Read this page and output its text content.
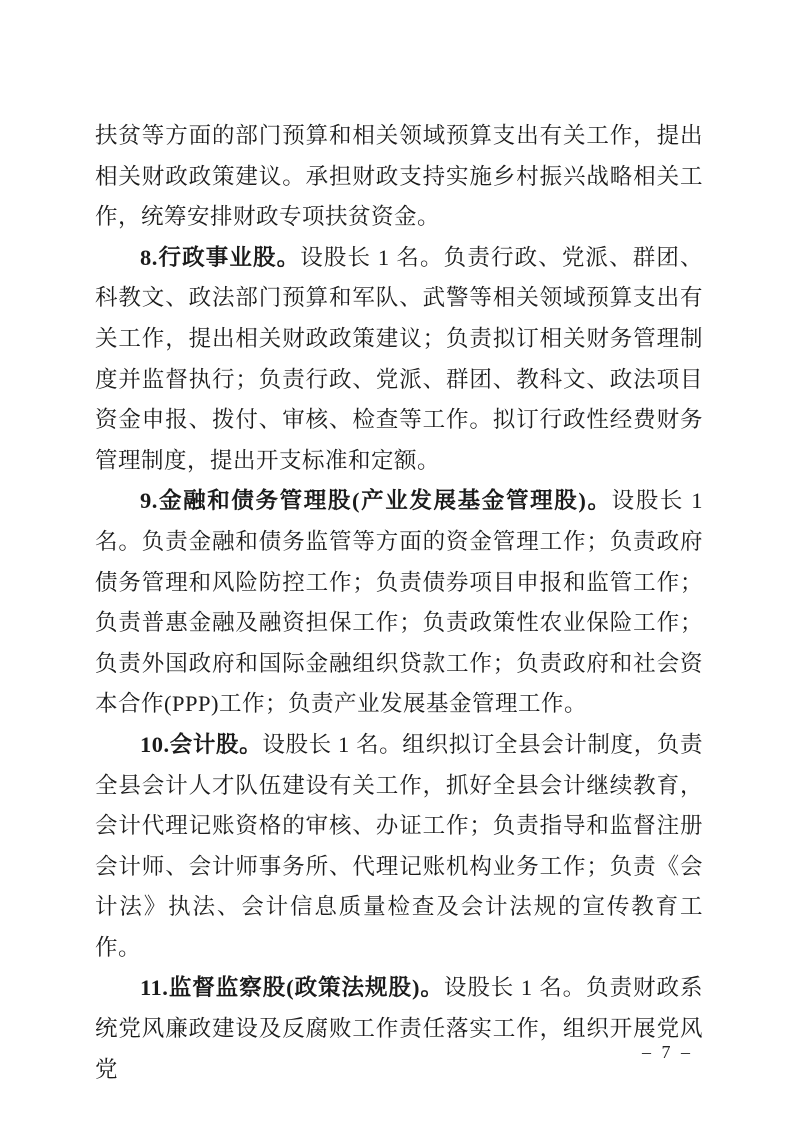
扶贫等方面的部门预算和相关领域预算支出有关工作，提出相关财政政策建议。承担财政支持实施乡村振兴战略相关工作，统筹安排财政专项扶贫资金。

8.行政事业股。设股长 1 名。负责行政、党派、群团、科教文、政法部门预算和军队、武警等相关领域预算支出有关工作，提出相关财政政策建议；负责拟订相关财务管理制度并监督执行；负责行政、党派、群团、教科文、政法项目资金申报、拨付、审核、检查等工作。拟订行政性经费财务管理制度，提出开支标准和定额。

9.金融和债务管理股(产业发展基金管理股)。设股长 1 名。负责金融和债务监管等方面的资金管理工作；负责政府债务管理和风险防控工作；负责债券项目申报和监管工作；负责普惠金融及融资担保工作；负责政策性农业保险工作；负责外国政府和国际金融组织贷款工作；负责政府和社会资本合作(PPP)工作；负责产业发展基金管理工作。

10.会计股。设股长 1 名。组织拟订全县会计制度，负责全县会计人才队伍建设有关工作，抓好全县会计继续教育，会计代理记账资格的审核、办证工作；负责指导和监督注册会计师、会计师事务所、代理记账机构业务工作；负责《会计法》执法、会计信息质量检查及会计法规的宣传教育工作。

11.监督监察股(政策法规股)。设股长 1 名。负责财政系统党风廉政建设及反腐败工作责任落实工作，组织开展党风党

– 7 –
